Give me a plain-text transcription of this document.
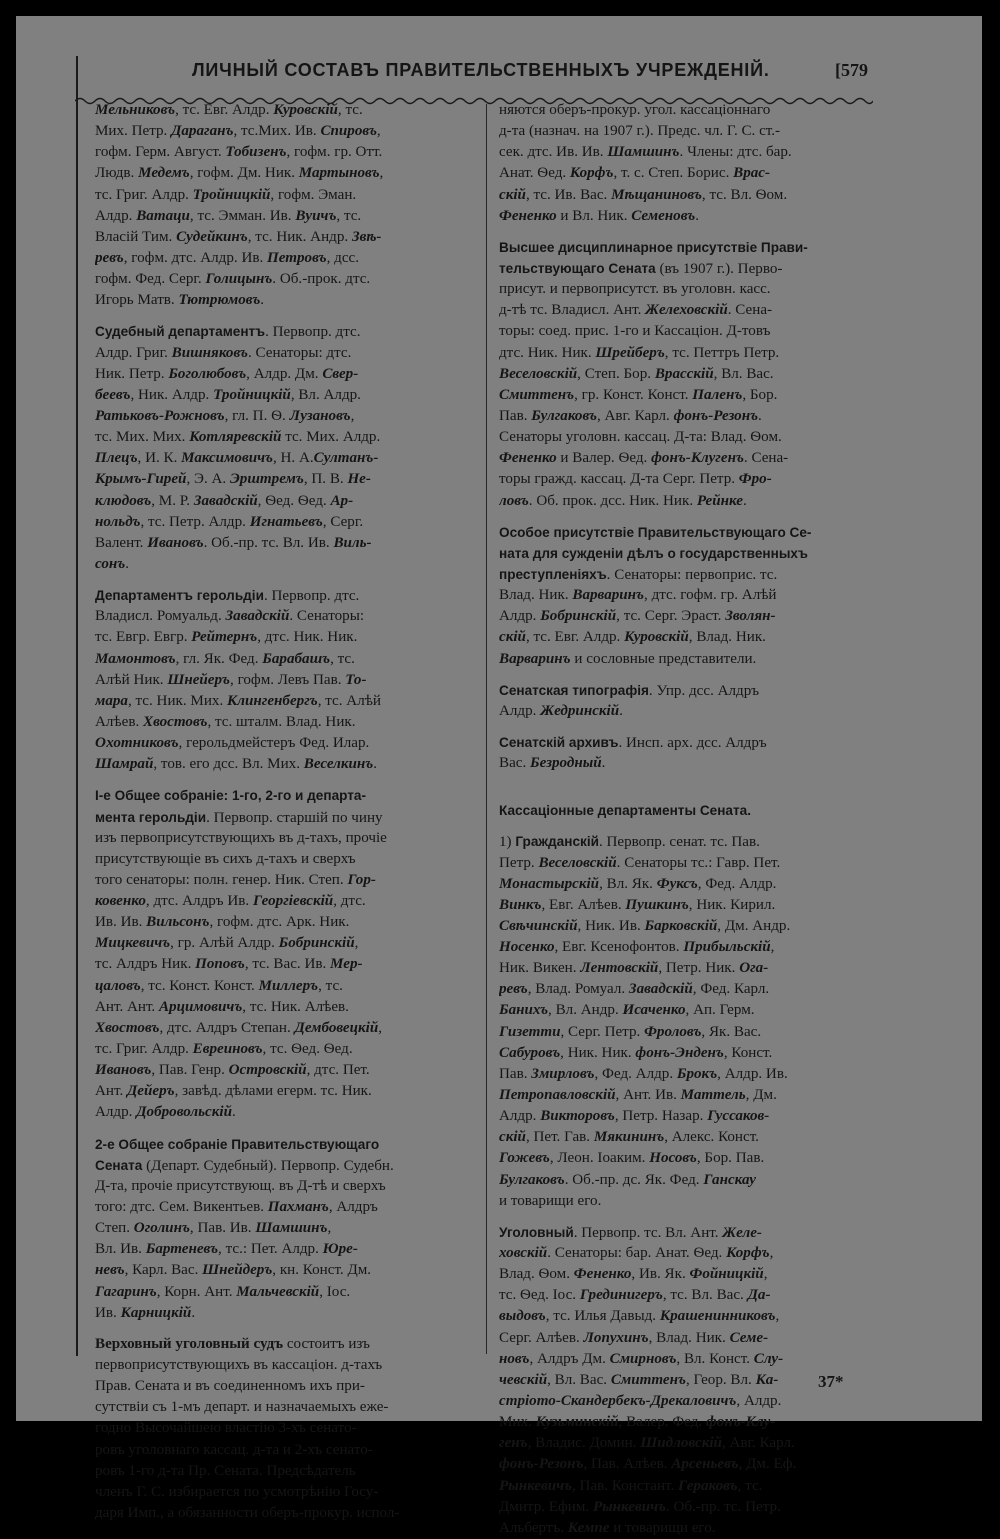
ЛИЧНЫЙ СОСТАВЪ ПРАВИТЕЛЬСТВЕННЫХЪ УЧРЕЖДЕНIЙ.	[579
Мельниковъ, тс. Евг. Алдр. Куровскiй, тс.
Мих. Петр. Дараганъ, тс.Мих. Ив. Спировъ,
гофм. Герм. Август. Тобизенъ, гофм. гр. Отт.
Людв. Медемъ, гофм. Дм. Ник. Мартыновъ,
тс. Григ. Алдр. Тройницкiй, гофм. Эман.
Алдр. Ватаци, тс. Эмман. Ив. Вуичъ, тс.
Власiй Тим. Судейкинъ, тс. Ник. Андр. Звѣ-
ревъ, гофм. дтс. Алдр. Ив. Петровъ, дсс.
гофм. Фед. Серг. Голицынъ. Об.-прок. дтс.
Игорь Матв. Тютрюмовъ.
Судебный департаментъ. Первопр. дтс.
Алдр. Григ. Вишняковъ. Сенаторы: дтс.
Ник. Петр. Боголюбовъ, Алдр. Дм. Свер-
беевъ, Ник. Алдр. Тройницкiй, Вл. Алдр.
Ратьковъ-Рожновъ, гл. П. Ѳ. Лузановъ,
тс. Мих. Мих. Котляревскiй тс. Мих. Алдр.
Плецъ, И. К. Максимовичъ, Н. А.Султанъ-
Крымъ-Гирей, Э. А. Эрштремъ, П. В. Не-
клюдовъ, М. Р. Завадскiй, Ѳед. Ѳед. Ар-
нольдъ, тс. Петр. Алдр. Игнатьевъ, Серг.
Валент. Ивановъ. Об.-пр. тс. Вл. Ив. Виль-
сонъ.
Департаментъ герольдiи. Первопр. дтс.
Владисл. Ромуальд. Завадскiй. Сенаторы:
тс. Евгр. Евгр. Рейтернъ, дтс. Ник. Ник.
Мамонтовъ, гл. Як. Фед. Барабашъ, тс.
Алѣй Ник. Шнейеръ, гофм. Левъ Пав. То-
мара, тс. Ник. Мих. Клингенбергъ, тс. Алѣй
Алѣев. Хвостовъ, тс. шталм. Влад. Ник.
Охотниковъ, герольдмейстеръ Фед. Илар.
Шамрай, тов. его дсс. Вл. Мих. Веселкинъ.
I-е Общее собранiе: 1-го, 2-го и департа-
мента герольдiи. Первопр. старшiй по чину
изъ первоприсутствующихъ въ д-тахъ, прочiе
присутствующiе въ сихъ д-тахъ и сверхъ
того сенаторы: полн. генер. Ник. Степ. Гор-
ковенко, дтс. Алдръ Ив. Георгiевскiй, дтс.
Ив. Ив. Вильсонъ, гофм. дтс. Арк. Ник.
Мицкевичъ, гр. Алѣй Алдр. Бобринскiй,
тс. Алдръ Ник. Поповъ, тс. Вас. Ив. Мер-
цаловъ, тс. Конст. Конст. Миллеръ, тс.
Ант. Ант. Арцимовичъ, тс. Ник. Алѣев.
Хвостовъ, дтс. Алдръ Степан. Дембовецкiй,
тс. Григ. Алдр. Евреиновъ, тс. Ѳед. Ѳед.
Ивановъ, Пав. Генр. Островскiй, дтс. Пет.
Ант. Дейеръ, завѣд. дѣлами егерм. тс. Ник.
Алдр. Добровольскiй.
2-е Общее собранiе Правительствующаго
Сената (Департ. Судебный). Первопр. Судебн.
Д-та, прочiе присутствующ. въ Д-тѣ и сверхъ
того: дтс. Сем. Викентьев. Пахманъ, Алдръ
Степ. Оголинъ, Пав. Ив. Шамшинъ,
Вл. Ив. Бартеневъ, тс.: Пет. Алдр. Юре-
невъ, Карл. Вас. Шнейдеръ, кн. Конст. Дм.
Гагаринъ, Корн. Ант. Мальчевскiй, Iос.
Ив. Карницкiй.
Верховный уголовный судъ состоитъ изъ
первоприсутствующихъ въ кассацiон. д-тахъ
Прав. Сената и въ соединенномъ ихъ при-
сутствiи съ 1-мъ департ. и назначаемыхъ еже-
годно Высочайшею властiю 3-хъ сенато-
ровъ уголовнаго кассац. д-та и 2-хъ сенато-
ровъ 1-го д-та Пр. Сената. Предсѣдатель
членъ Г. С. избирается по усмотрѣнiю Госу-
даря Имп., а обязанности оберъ-прокур. испол-
няются оберъ-прокур. угол. кассацiоннаго
д-та (назнач. на 1907 г.). Предс. чл. Г. С. ст.-
сек. дтс. Ив. Ив. Шамшинъ. Члены: дтс. бар.
Анат. Ѳед. Корфъ, т. с. Степ. Борис. Врас-
скiй, тс. Ив. Вас. Мѣщаниновъ, тс. Вл. Ѳом.
Фененко и Вл. Ник. Семеновъ.
Высшее дисциплинарное присутствiе Прави-
тельствующаго Сената (въ 1907 г.). Перво-
присут. и первоприсутст. въ уголовн. касс.
д-тѣ тс. Владисл. Ант. Желеховскiй. Сена-
торы: соед. прис. 1-го и Кассацiон. Д-товъ
дтс. Ник. Ник. Шрейберъ, тс. Петтръ Петр.
Веселовскiй, Степ. Бор. Врасскiй, Вл. Вас.
Смиттенъ, гр. Конст. Конст. Паленъ, Бор.
Пав. Булгаковъ, Авг. Карл. фонъ-Резонъ.
Сенаторы уголовн. кассац. Д-та: Влад. Ѳом.
Фененко и Валер. Ѳед. фонъ-Клугенъ. Сена-
торы гражд. кассац. Д-та Серг. Петр. Фро-
ловъ. Об. прок. дсс. Ник. Ник. Рейнке.
Особое присутствiе Правительствующаго Се-
ната для сужденiи дѣлъ о государственныхъ
преступленiяхъ. Сенаторы: первоприс. тс.
Влад. Ник. Варваринъ, дтс. гофм. гр. Алѣй
Алдр. Бобринскiй, тс. Серг. Эраст. Зволян-
скiй, тс. Евг. Алдр. Куровскiй, Влад. Ник.
Варваринъ и сословные представители.
Сенатская типографiя. Упр. дсс. Алдръ
Алдр. Жедринскiй.
Сенатскiй архивъ. Инсп. арх. дсс. Алдръ
Вас. Безродный.
Кассацiонные департаменты Сената.
1) Гражданскiй. Первопр. сенат. тс. Пав.
Петр. Веселовскiй. Сенаторы тс.: Гавр. Пет.
Монастырскiй, Вл. Як. Фуксъ, Фед. Алдр.
Винкъ, Евг. Алѣев. Пушкинъ, Ник. Кирил.
Свѣчинскiй, Ник. Ив. Барковскiй, Дм. Андр.
Носенко, Евг. Ксенофонтов. Прибыльскiй,
Ник. Викен. Лентовскiй, Петр. Ник. Ога-
ревъ, Влад. Ромуал. Завадскiй, Фед. Карл.
Банихъ, Вл. Андр. Исаченко, Ап. Герм.
Гизетти, Серг. Петр. Фроловъ, Як. Вас.
Сабуровъ, Ник. Ник. фонъ-Энденъ, Конст.
Пав. Змирловъ, Фед. Алдр. Брокъ, Алдр. Ив.
Петропавловскiй, Ант. Ив. Маттель, Дм.
Алдр. Викторовъ, Петр. Назар. Гуссаков-
скiй, Пет. Гав. Мякининъ, Алекс. Конст.
Гожевъ, Леон. Iоаким. Носовъ, Бор. Пав.
Булгаковъ. Об.-пр. дс. Як. Фед. Ганскау
и товарищи его.
Уголовный. Первопр. тс. Вл. Ант. Желе-
ховскiй. Сенаторы: бар. Анат. Ѳед. Корфъ,
Влад. Ѳом. Фененко, Ив. Як. Фойницкiй,
тс. Ѳед. Iос. Грединигеръ, тс. Вл. Вас. Да-
выдовъ, тс. Илья Давыд. Крашенинниковъ,
Серг. Алѣев. Лопухинъ, Влад. Ник. Семе-
новъ, Алдръ Дм. Смирновъ, Вл. Конст. Слу-
чевскiй, Вл. Вас. Смиттенъ, Геор. Вл. Ка-
стрiото-Скандербекъ-Дрекаловичъ, Алдр.
Мих. Кузьминскiй, Валер. Фед. фонъ-Клу-
генъ, Владис. Домин. Шидловскiй, Авг. Карл.
фонъ-Резонъ, Пав. Алѣев. Арсеньевъ, Дм. Еф.
Рынкевичъ, Пав. Констант. Гераковъ, тс.
Дмитр. Ефим. Рынкевичъ. Об.-пр. тс. Петр.
Альбертъ. Кемпе и товарищи его.
37*
